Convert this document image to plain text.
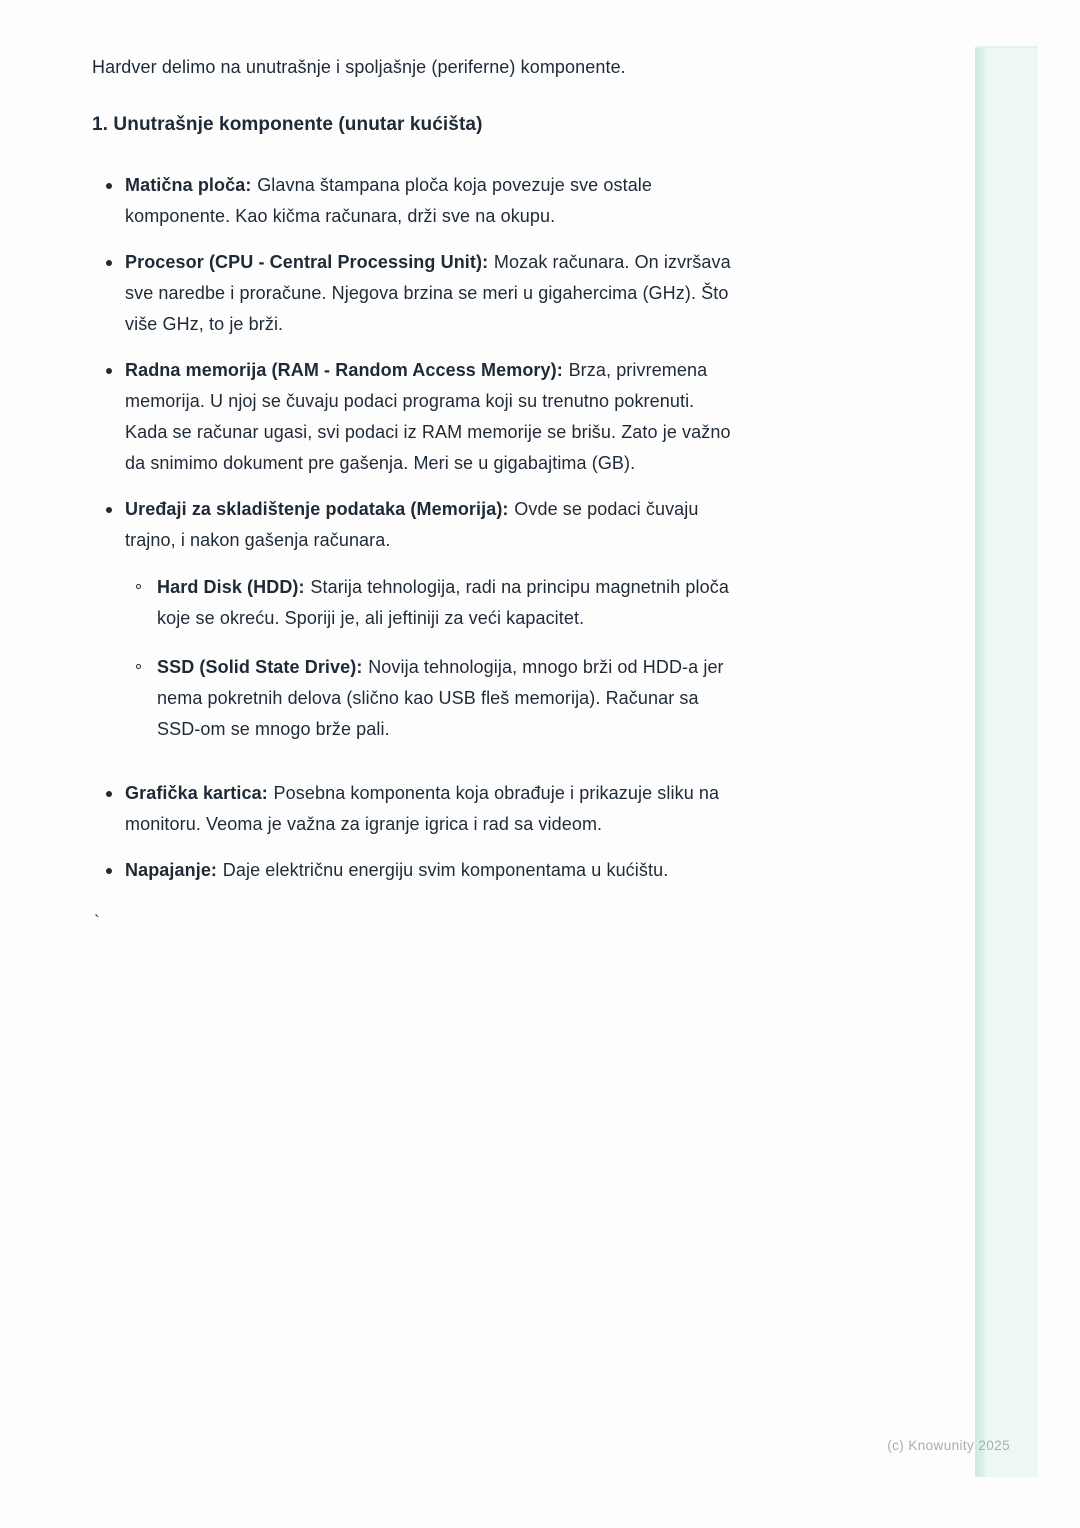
Hardver delimo na unutrašnje i spoljašnje (periferne) komponente.

1. Unutrašnje komponente (unutar kućišta)

Matična ploča: Glavna štampana ploča koja povezuje sve ostale
komponente. Kao kičma računara, drži sve na okupu.

Procesor (CPU - Central Processing Unit): Mozak računara. On izvršava
sve naredbe i proračune. Njegova brzina se meri u gigahercima (GHz). Što
više GHz, to je brži.

Radna memorija (RAM - Random Access Memory): Brza, privremena
memorija. U njoj se čuvaju podaci programa koji su trenutno pokrenuti.
Kada se računar ugasi, svi podaci iz RAM memorije se brišu. Zato je važno
da snimimo dokument pre gašenja. Meri se u gigabajtima (GB).

Uređaji za skladištenje podataka (Memorija): Ovde se podaci čuvaju
trajno, i nakon gašenja računara.

Hard Disk (HDD): Starija tehnologija, radi na principu magnetnih ploča
koje se okreću. Sporiji je, ali jeftiniji za veći kapacitet.

SSD (Solid State Drive): Novija tehnologija, mnogo brži od HDD-a jer
nema pokretnih delova (slično kao USB fleš memorija). Računar sa
SSD-om se mnogo brže pali.

Grafička kartica: Posebna komponenta koja obrađuje i prikazuje sliku na
monitoru. Veoma je važna za igranje igrica i rad sa videom.

Napajanje: Daje električnu energiju svim komponentama u kućištu.

`

(c) Knowunity 2025
